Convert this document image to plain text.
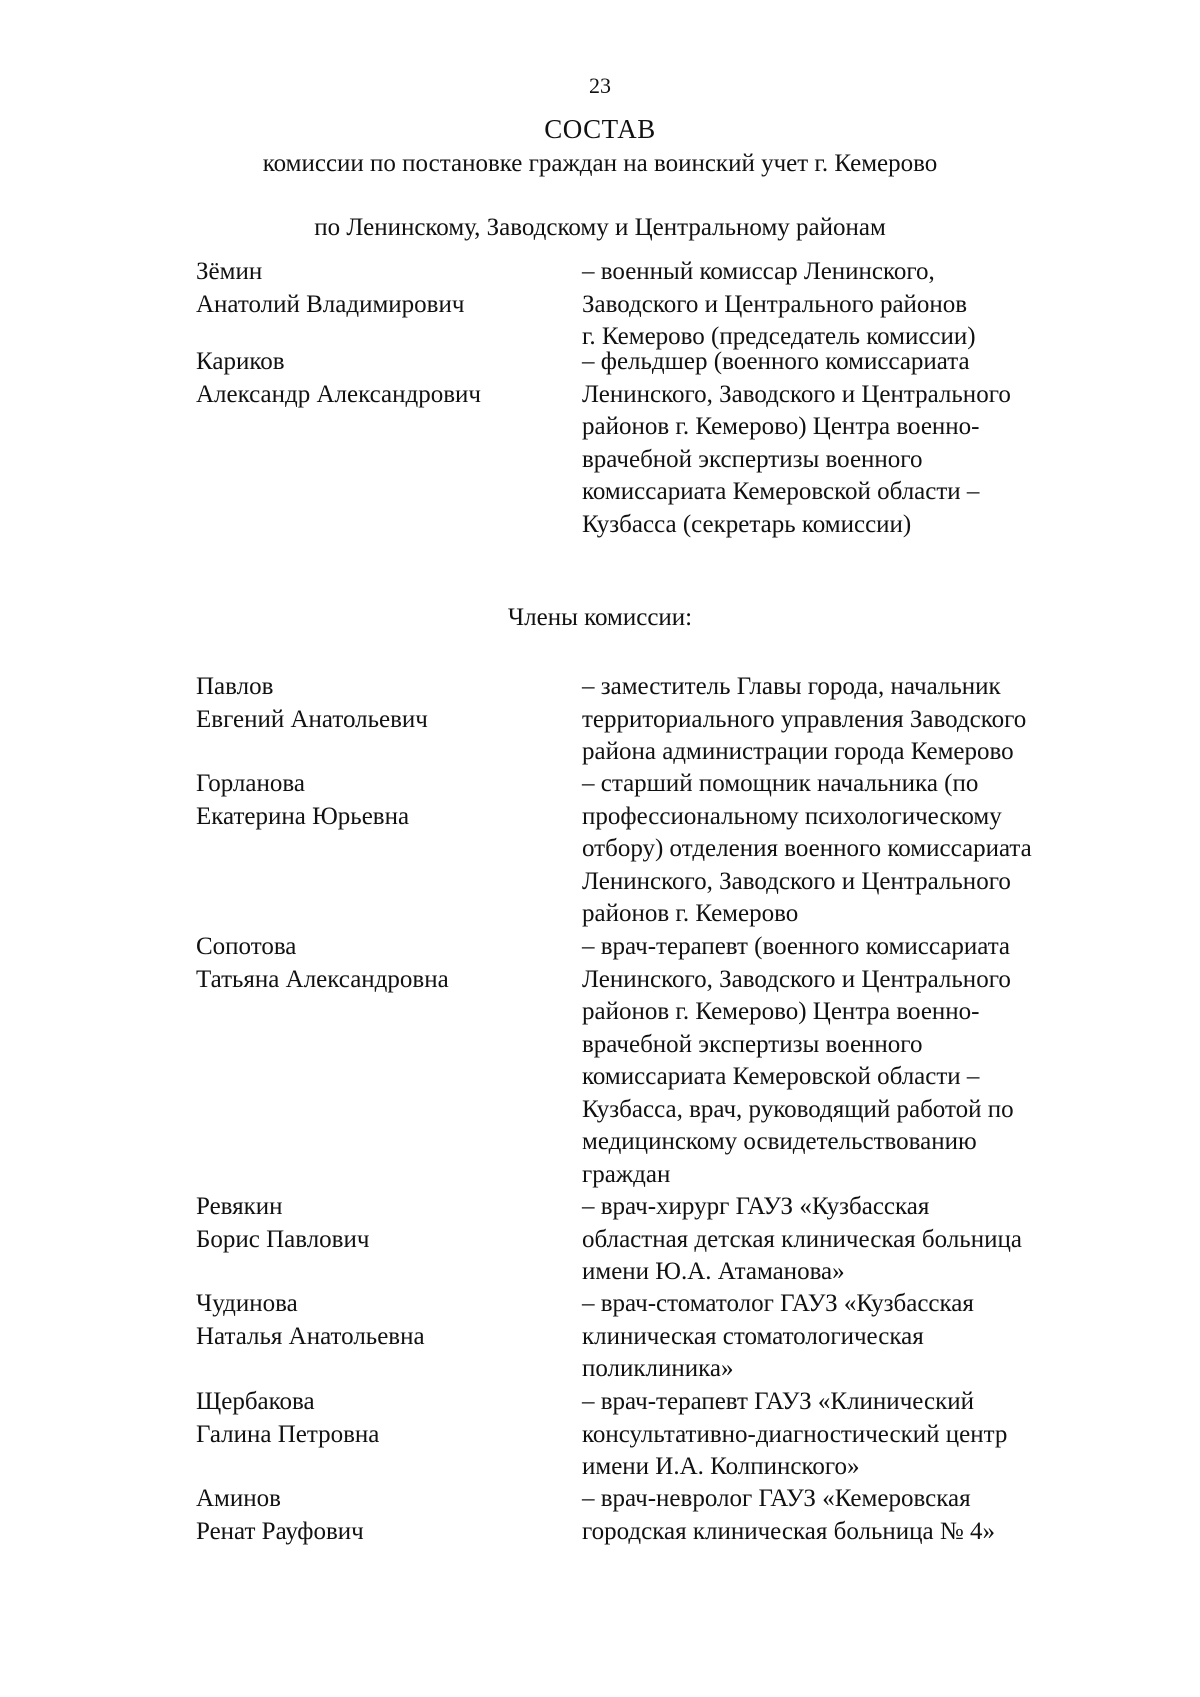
23
СОСТАВ
комиссии по постановке граждан на воинский учет г. Кемерово
по Ленинскому, Заводскому и Центральному районам
Зёмин
Анатолий Владимирович
– военный комиссар Ленинского,
Заводского и Центрального районов
г. Кемерово (председатель комиссии)
Кариков
Александр Александрович
– фельдшер (военного комиссариата
Ленинского, Заводского и Центрального
районов г. Кемерово) Центра военно-
врачебной экспертизы военного
комиссариата Кемеровской области –
Кузбасса (секретарь комиссии)
Члены комиссии:
Павлов
Евгений Анатольевич
– заместитель Главы города, начальник
территориального управления Заводского
района администрации города Кемерово
Горланова
Екатерина Юрьевна
– старший помощник начальника (по
профессиональному психологическому
отбору) отделения военного комиссариата
Ленинского, Заводского и Центрального
районов г. Кемерово
Сопотова
Татьяна Александровна
– врач-терапевт (военного комиссариата
Ленинского, Заводского и Центрального
районов г. Кемерово) Центра военно-
врачебной экспертизы военного
комиссариата Кемеровской области –
Кузбасса, врач, руководящий работой по
медицинскому освидетельствованию
граждан
Ревякин
Борис Павлович
– врач-хирург ГАУЗ «Кузбасская
областная детская клиническая больница
имени Ю.А. Атаманова»
Чудинова
Наталья Анатольевна
– врач-стоматолог ГАУЗ «Кузбасская
клиническая стоматологическая
поликлиника»
Щербакова
Галина Петровна
– врач-терапевт ГАУЗ «Клинический
консультативно-диагностический центр
имени И.А. Колпинского»
Аминов
Ренат Рауфович
– врач-невролог ГАУЗ «Кемеровская
городская клиническая больница № 4»
